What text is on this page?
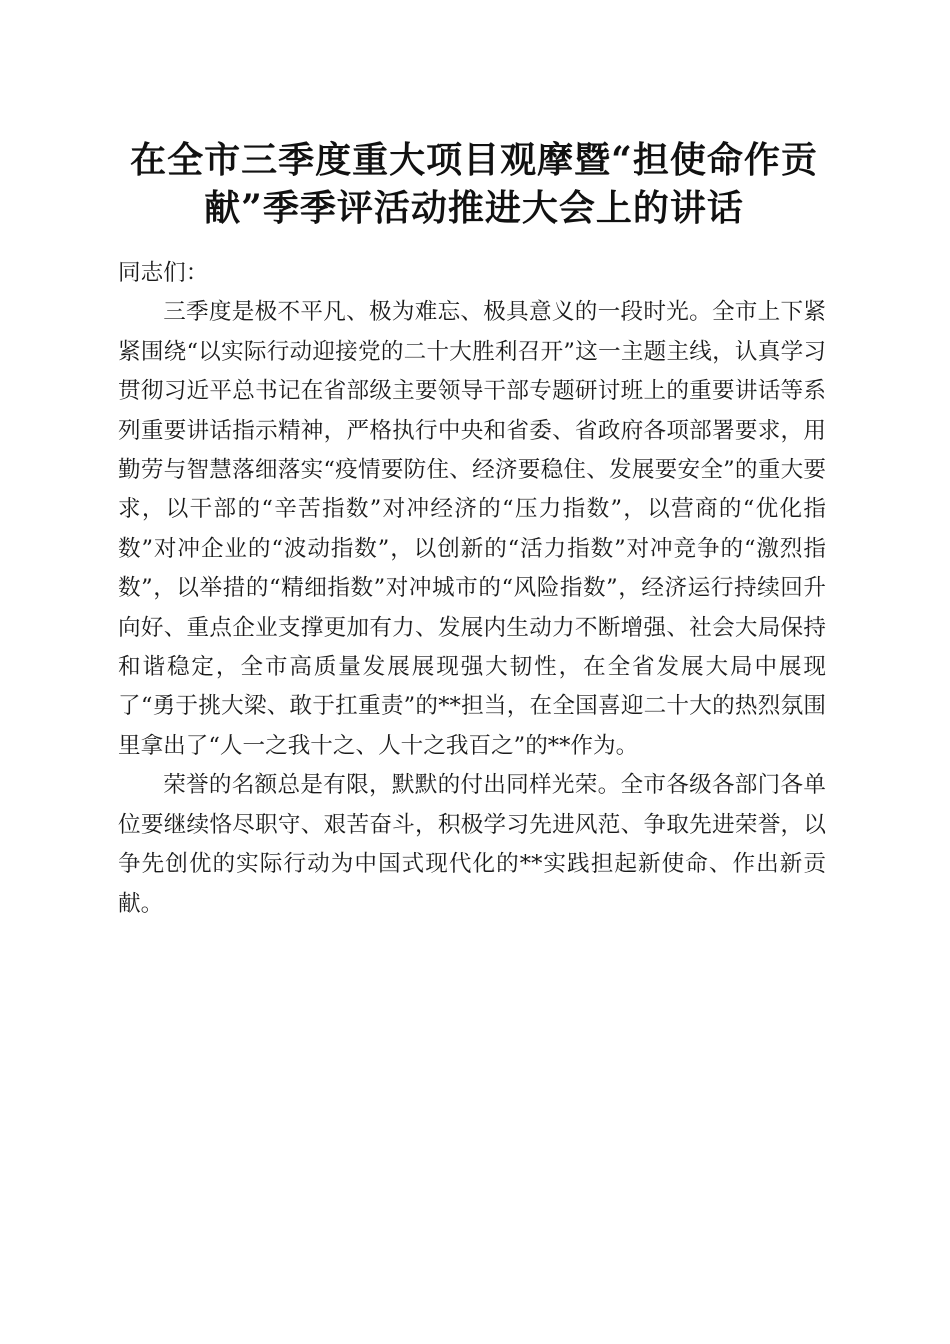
在全市三季度重大项目观摩暨“担使命作贡献”季季评活动推进大会上的讲话

同志们：

三季度是极不平凡、极为难忘、极具意义的一段时光。全市上下紧紧围绕“以实际行动迎接党的二十大胜利召开”这一主题主线，认真学习贯彻习近平总书记在省部级主要领导干部专题研讨班上的重要讲话等系列重要讲话指示精神，严格执行中央和省委、省政府各项部署要求，用勤劳与智慧落细落实“疫情要防住、经济要稳住、发展要安全”的重大要求，以干部的“辛苦指数”对冲经济的“压力指数”，以营商的“优化指数”对冲企业的“波动指数”，以创新的“活力指数”对冲竞争的“激烈指数”，以举措的“精细指数”对冲城市的“风险指数”，经济运行持续回升向好、重点企业支撑更加有力、发展内生动力不断增强、社会大局保持和谐稳定，全市高质量发展展现强大韧性，在全省发展大局中展现了“勇于挑大梁、敢于扛重责”的**担当，在全国喜迎二十大的热烈氛围里拿出了“人一之我十之、人十之我百之”的**作为。

荣誉的名额总是有限，默默的付出同样光荣。全市各级各部门各单位要继续恪尽职守、艰苦奋斗，积极学习先进风范、争取先进荣誉，以争先创优的实际行动为中国式现代化的**实践担起新使命、作出新贡献。
